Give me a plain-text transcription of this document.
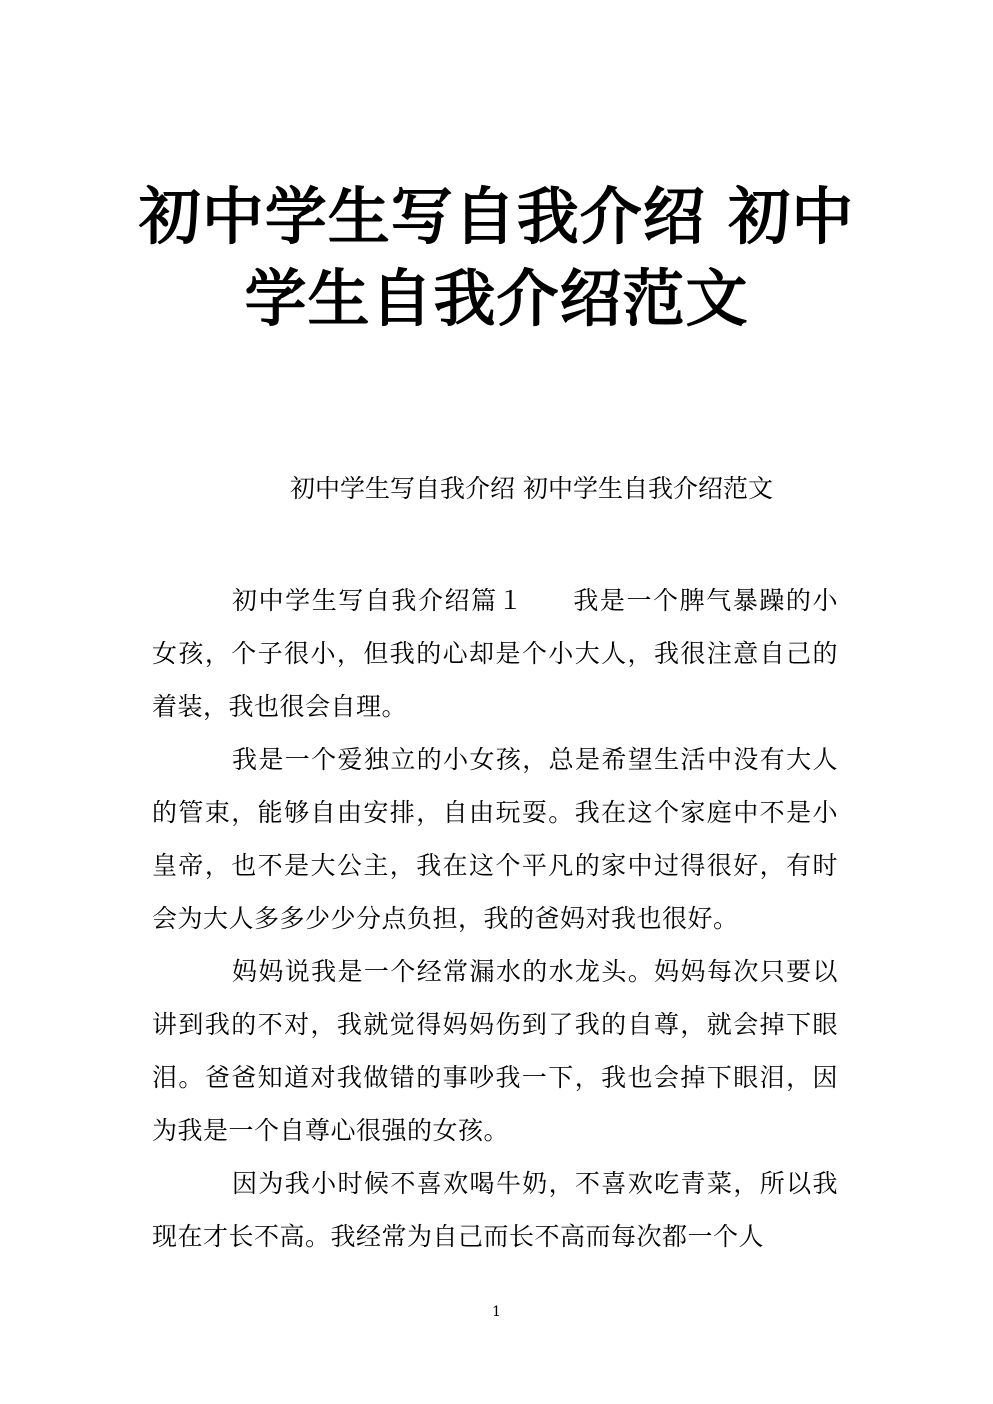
初中学生写自我介绍 初中学生自我介绍范文

初中学生写自我介绍 初中学生自我介绍范文

初中学生写自我介绍篇１ 我是一个脾气暴躁的小女孩，个子很小，但我的心却是个小大人，我很注意自己的着装，我也很会自理。

我是一个爱独立的小女孩，总是希望生活中没有大人的管束，能够自由安排，自由玩耍。我在这个家庭中不是小皇帝，也不是大公主，我在这个平凡的家中过得很好，有时会为大人多多少少分点负担，我的爸妈对我也很好。

妈妈说我是一个经常漏水的水龙头。妈妈每次只要以讲到我的不对，我就觉得妈妈伤到了我的自尊，就会掉下眼泪。爸爸知道对我做错的事吵我一下，我也会掉下眼泪，因为我是一个自尊心很强的女孩。

因为我小时候不喜欢喝牛奶，不喜欢吃青菜，所以我现在才长不高。我经常为自己而长不高而每次都一个人

1
